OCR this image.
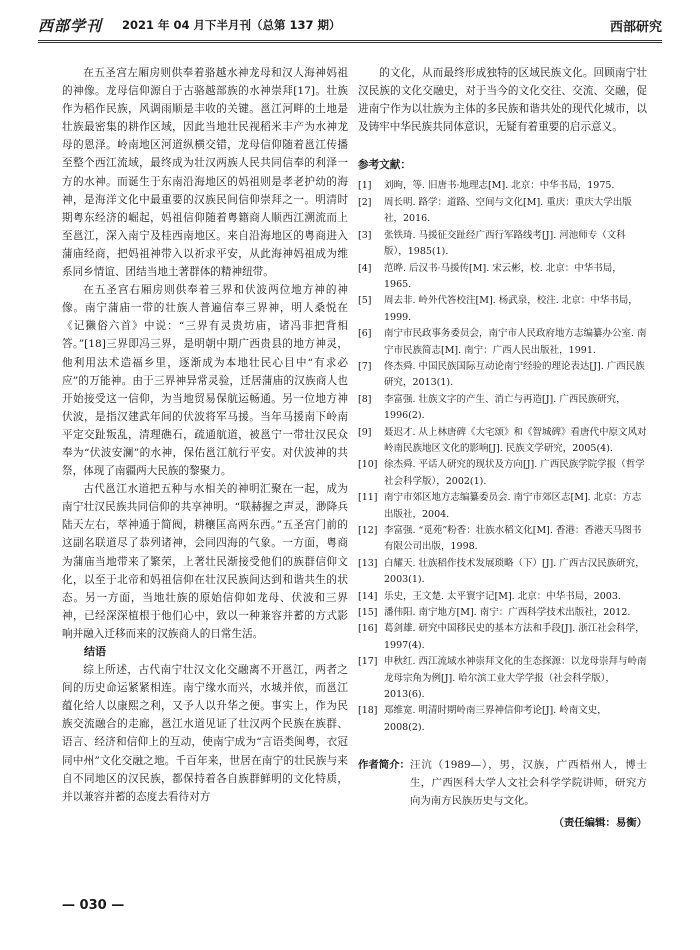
西部学刊 2021 年 04 月下半月刊（总第 137 期）	西部研究

在五圣宫左厢房则供奉着骆越水神龙母和汉人海神妈祖的神像。龙母信仰源自于古骆越部族的水神崇拜[17]。壮族作为稻作民族，风调雨顺是丰收的关键。邕江河畔的土地是壮族最密集的耕作区域，因此当地壮民视稻米丰产为水神龙母的恩泽。岭南地区河道纵横交错，龙母信仰随着邕江传播至整个西江流域，最终成为壮汉两族人民共同信奉的利泽一方的水神。而诞生于东南沿海地区的妈祖则是孝老护幼的海神，是海洋文化中最重要的汉族民间信仰崇拜之一。明清时期粤东经济的崛起，妈祖信仰随着粤籍商人顺西江溯流而上至邕江，深入南宁及桂西南地区。来自沿海地区的粤商进入蒲庙经商，把妈祖神带入以祈求平安，从此海神妈祖成为维系同乡情谊、团结当地土著群体的精神纽带。

在五圣宫右厢房则供奉着三界和伏波两位地方神的神像。南宁蒲庙一带的壮族人普遍信奉三界神，明人桑悦在《记獭俗六首》中说：“三界有灵贵坊庙，诸冯非把背相答。”[18]三界即冯三界，是明朝中期广西贵县的地方神灵，他利用法术造福乡里，逐渐成为本地壮民心目中“有求必应”的万能神。由于三界神异常灵验，迁居蒲庙的汉族商人也开始接受这一信仰，为当地贸易保航运畅通。另一位地方神伏波，是指汉建武年间的伏波将军马援。当年马援南下岭南平定交趾叛乱，清理礁石，疏通航道，被邕宁一带壮汉民众奉为“伏波安澜”的水神，保佑邕江航行平安。对伏波神的共祭，体现了南疆两大民族的黎聚力。

古代邕江水道把五种与水相关的神明汇聚在一起，成为南宁壮汉民族共同信仰的共享神明。“联赫握之声灵，渺降兵陆天左右，萃神通于简阀，耕穰匡高两东西。”五圣宫门前的这副名联道尽了恭列诸神，会同四海的气象。一方面，粤商为蒲庙当地带来了繁荣，上著壮民渐接受他们的族群信仰文化，以至于北帝和妈祖信仰在壮汉民族间达到和谐共生的状态。另一方面，当地壮族的原始信仰如龙母、伏波和三界神，已经深深植根于他们心中，致以一种兼容并蓄的方式影响并融入迁移而来的汉族商人的日常生活。

结语

综上所述，古代南宁壮汉文化交融离不开邕江，两者之间的历史命运紧紧相连。南宁缘水而兴，水城并依，而邕江蕴化给人以康熙之利，又予人以升华之便。事实上，作为民族交流融合的走廊，邕江水道见证了壮汉两个民族在族群、语言、经济和信仰上的互动，使南宁成为“言语类闽粤，衣冠同中州”文化交融之地。千百年来，世居在南宁的壮民族与来自不同地区的汉民族，都保持着各自族群鲜明的文化特质，并以兼容并蓄的态度去看待对方

的文化，从而最终形成独特的区域民族文化。回顾南宁壮汉民族的文化交融史，对于当今的文化交往、交流、交融，促进南宁作为以壮族为主体的多民族和谐共处的现代化城市，以及铸牢中华民族共同体意识，无疑有着重要的启示意义。

参考文献：
[1] 刘昫，等. 旧唐书·地理志[M]. 北京：中华书局，1975.
[2] 周长明. 路学：道路、空间与文化[M]. 重庆：重庆大学出版社，2016.
[3] 张铁琦. 马援征交趾经广西行军路线考[J]. 河池师专（文科版），1985(1).
[4] 范晔. 后汉书·马援传[M]. 宋云彬，校. 北京：中华书局，1965.
[5] 周去非. 岭外代答校注[M]. 杨武泉，校注. 北京：中华书局，1999.
[6] 南宁市民政事务委员会，南宁市人民政府地方志编纂办公室. 南宁市民族简志[M]. 南宁：广西人民出版社，1991.
[7] 佟杰舜. 中国民族国际互动论南宁经验的理论表达[J]. 广西民族研究，2013(1).
[8] 李富强. 壮族文字的产生、消亡与再造[J]. 广西民族研究，1996(2).
[9] 聂迟才. 从上林唐碑《大宅颂》和《智城碑》看唐代中原文风对岭南民族地区文化的影响[J]. 民族文学研究，2005(4).
[10] 徐杰舜. 平话人研究的现状及方向[J]. 广西民族学院学报（哲学社会科学版），2002(1).
[11] 南宁市郊区地方志编纂委员会. 南宁市郊区志[M]. 北京：方志出版社，2004.
[12] 李富强. “觅苑”粉香：壮族水稻文化[M]. 香港：香港天马图书有限公司出版，1998.
[13] 白耀天. 壮族稻作技术发展琐略（下）[J]. 广西古汉民族研究，2003(1).
[14] 乐史，王文楚. 太平寰宇记[M]. 北京：中华书局，2003.
[15] 潘伟阳. 南宁地方[M]. 南宁：广西科学技术出版社，2012.
[16] 葛剑雄. 研究中国移民史的基本方法和手段[J]. 浙江社会科学，1997(4).
[17] 申秋红. 西江流域水神崇拜文化的生态探源：以龙母崇拜与岭南龙母宗角为例[J]. 哈尔滨工业大学学报（社会科学版），2013(6).
[18] 郑维宽. 明清时期岭南三界神信仰考论[J]. 岭南文史，2008(2).
作者简介： 汪沆（1989—），男，汉族，广西梧州人，博士生，广西医科大学人文社会科学学院讲师，研究方向为南方民族历史与文化。
（责任编辑：易衡）
— 030 —
